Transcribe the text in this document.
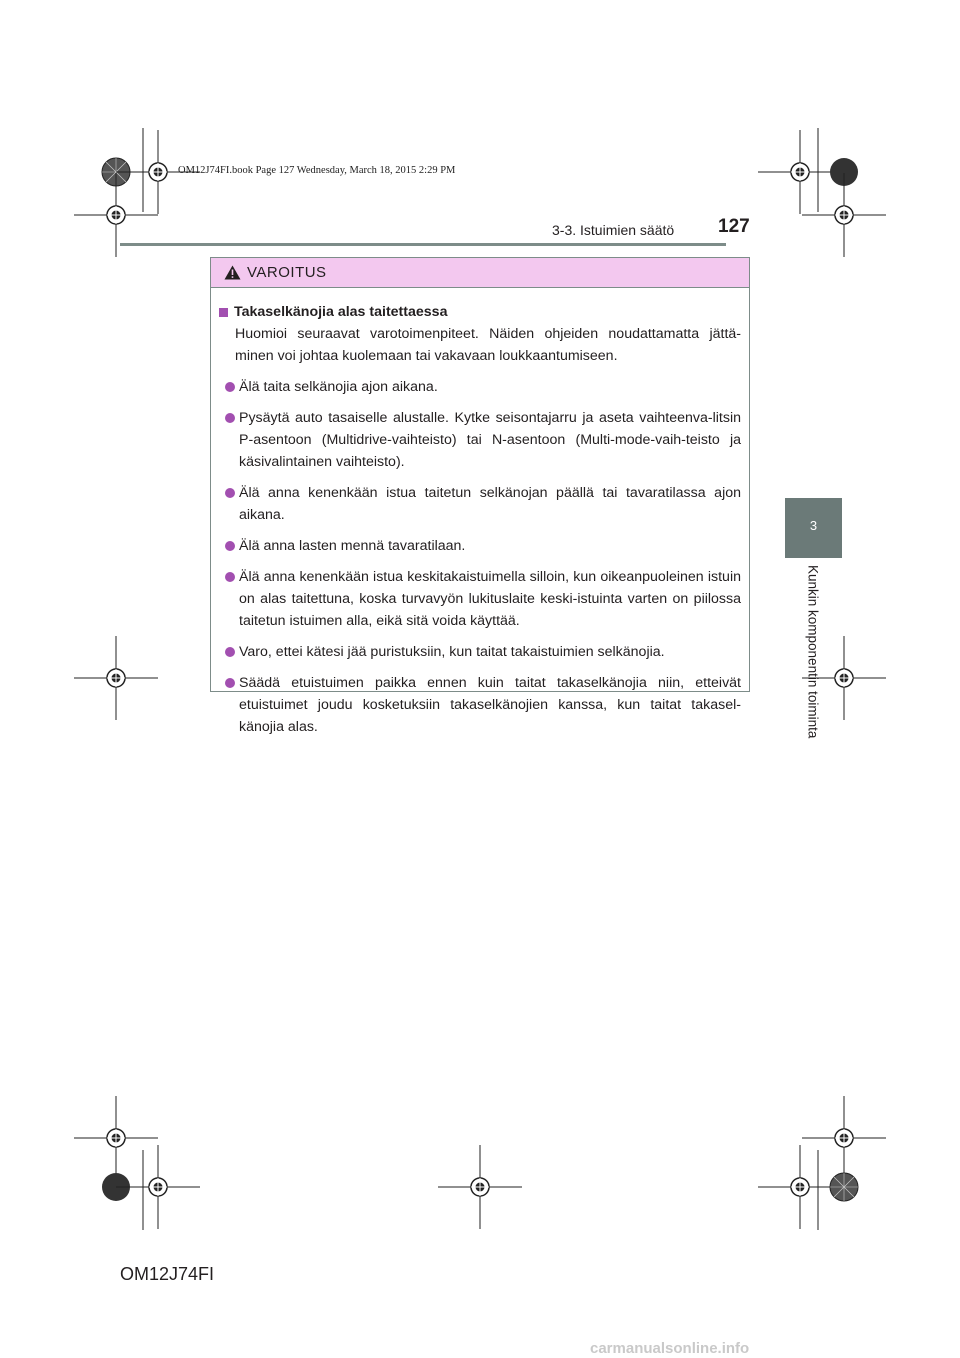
OM12J74FI.book Page 127 Wednesday, March 18, 2015 2:29 PM
3-3. Istuimien säätö 127
3
Kunkin komponentin toiminta
VAROITUS
Takaselkänojia alas taitettaessa
Huomioi seuraavat varotoimenpiteet. Näiden ohjeiden noudattamatta jättä-minen voi johtaa kuolemaan tai vakavaan loukkaantumiseen.
Älä taita selkänojia ajon aikana.
Pysäytä auto tasaiselle alustalle. Kytke seisontajarru ja aseta vaihteenva-litsin P-asentoon (Multidrive-vaihteisto) tai N-asentoon (Multi-mode-vaih-teisto ja käsivalintainen vaihteisto).
Älä anna kenenkään istua taitetun selkänojan päällä tai tavaratilassa ajon aikana.
Älä anna lasten mennä tavaratilaan.
Älä anna kenenkään istua keskitakaistuimella silloin, kun oikeanpuoleinen istuin on alas taitettuna, koska turvavyön lukituslaite keski-istuinta varten on piilossa taitetun istuimen alla, eikä sitä voida käyttää.
Varo, ettei kätesi jää puristuksiin, kun taitat takaistuimien selkänojia.
Säädä etuistuimen paikka ennen kuin taitat takaselkänojia niin, etteivät etuistuimet joudu kosketuksiin takaselkänojien kanssa, kun taitat takasel-känojia alas.
OM12J74FI
carmanualsonline.info
